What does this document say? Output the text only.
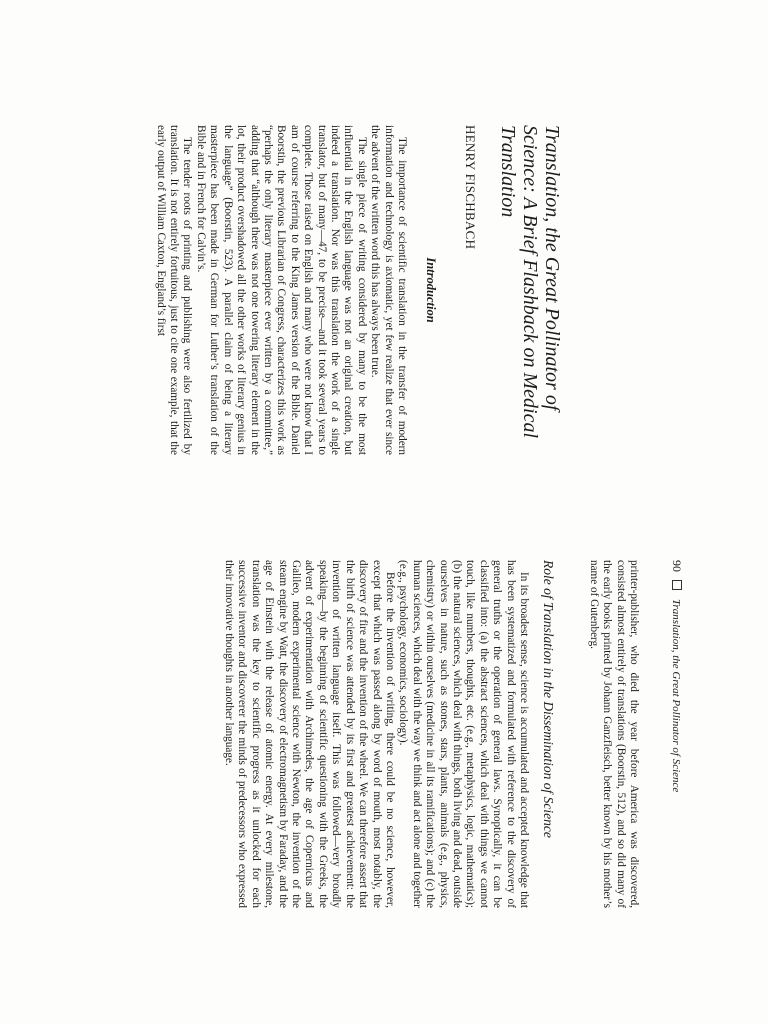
Translation, the Great Pollinator of Science: A Brief Flashback on Medical Translation
HENRY FISCHBACH
Introduction

The importance of scientific translation in the transfer of modern information and technology is axiomatic, yet few realize that ever since the advent of the written word this has always been true.

The single piece of writing considered by many to be the most influential in the English language was not an original creation, but indeed a translation. Nor was this translation the work of a single translator, but of many—47, to be precise—and it took several years to complete. Those raised on English and many who were not know that I am of course referring to the King James version of the Bible. Daniel Boorstin, the previous Librarian of Congress, characterizes this work as “perhaps the only literary masterpiece ever written by a committee,” adding that “although there was not one towering literary element in the lot, their product overshadowed all the other works of literary genius in the language” (Boorstin, 523). A parallel claim of being a literary masterpiece has been made in German for Luther’s translation of the Bible and in French for Calvin’s.

The tender roots of printing and publishing were also fertilized by translation. It is not entirely fortuitous, just to cite one example, that the early output of William Caxton, England’s first

90  Translation, the Great Pollinator of Science

printer-publisher, who died the year before America was discovered, consisted almost entirely of translations (Boorstin, 512), and so did many of the early books printed by Johann Ganzfleisch, better known by his mother’s name of Gutenberg.

Role of Translation in the Dissemination of Science

In its broadest sense, science is accumulated and accepted knowledge that has been systematized and formulated with reference to the discovery of general truths or the operation of general laws. Synoptically, it can be classified into: (a) the abstract sciences, which deal with things we cannot touch, like numbers, thoughts, etc. (e.g., metaphysics, logic, mathematics); (b) the natural sciences, which deal with things, both living and dead, outside ourselves in nature, such as stones, stars, plants, animals (e.g., physics, chemistry) or within ourselves (medicine in all its ramifications); and (c) the human sciences, which deal with the way we think and act alone and together (e.g., psychology, economics, sociology).

Before the invention of writing, there could be no science, however, except that which was passed along by word of mouth, most notably, the discovery of fire and the invention of the wheel. We can therefore assert that the birth of science was attended by its first and greatest achievement: the invention of written language itself. This was followed—very broadly speaking—by the beginning of scientific questioning with the Greeks, the advent of experimentation with Archimedes, the age of Copernicus and Galileo, modern experimental science with Newton, the invention of the steam engine by Watt, the discovery of electromagnetism by Faraday, and the age of Einstein with the release of atomic energy. At every milestone, translation was the key to scientific progress as it unlocked for each successive inventor and discoverer the minds of predecessors who expressed their innovative thoughts in another language.
